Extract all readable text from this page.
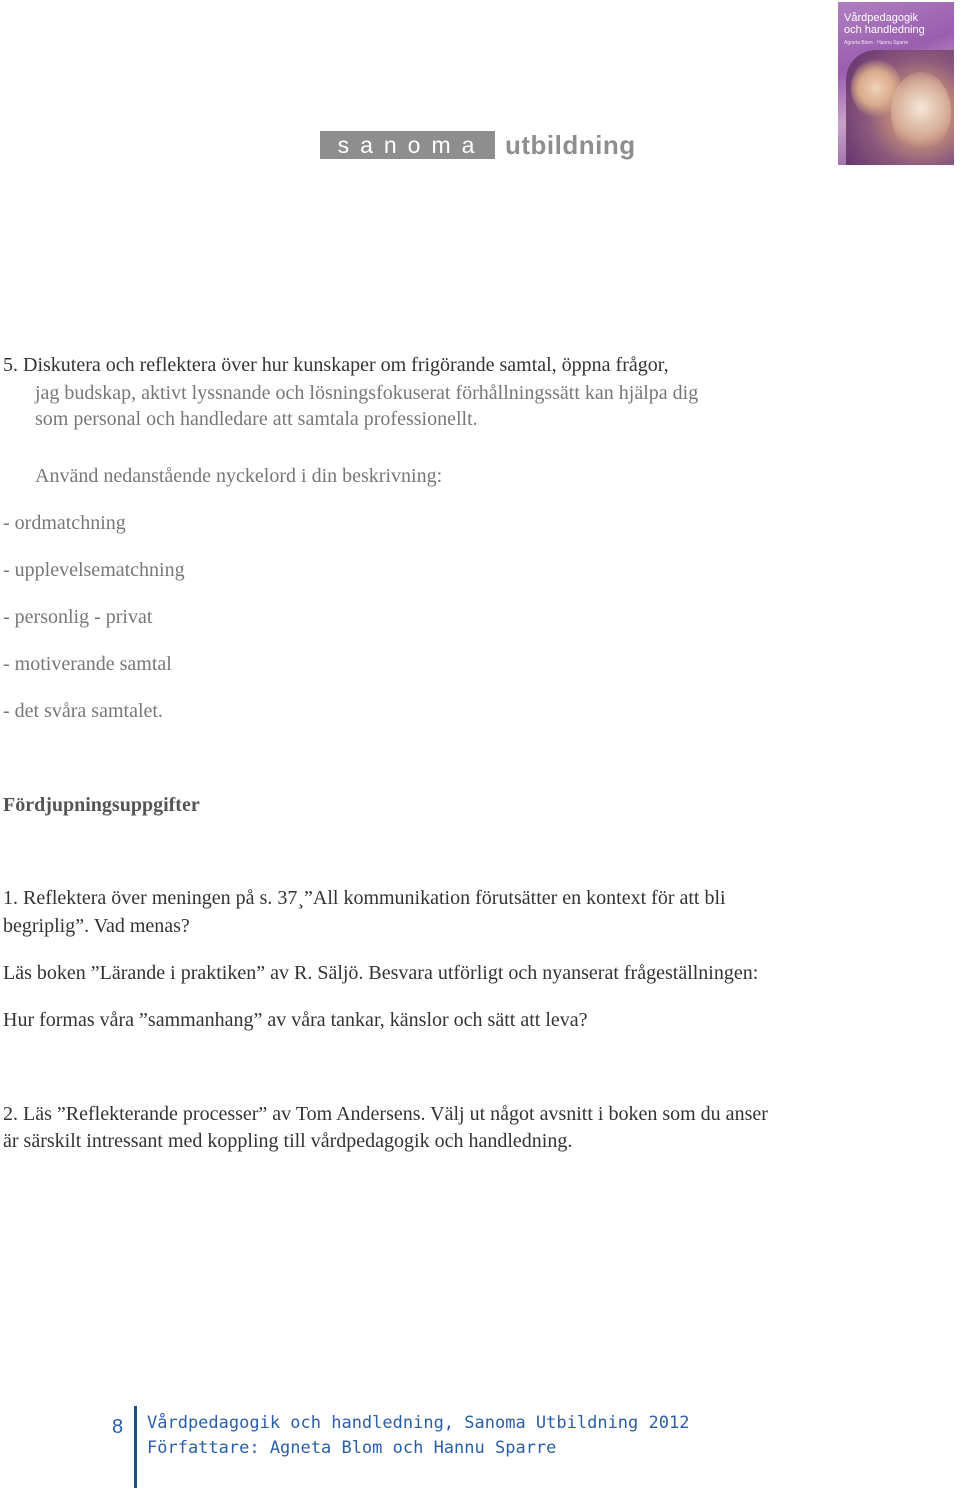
Vårdpedagogik
och handledning
Agneta Blom · Hannu Sparre
sanoma utbildning
5. Diskutera och reflektera över hur kunskaper om frigörande samtal, öppna frågor,
jag budskap, aktivt lyssnande och lösningsfokuserat förhållningssätt kan hjälpa dig
som personal och handledare att samtala professionellt.
Använd nedanstående nyckelord i din beskrivning:
- ordmatchning
- upplevelsematchning
- personlig - privat
- motiverande samtal
- det svåra samtalet.
Fördjupningsuppgifter
1. Reflektera över meningen på s. 37¸”All kommunikation förutsätter en kontext för att bli
begriplig”. Vad menas?
Läs boken ”Lärande i praktiken” av R. Säljö. Besvara utförligt och nyanserat frågeställningen:
Hur formas våra ”sammanhang” av våra tankar, känslor och sätt att leva?
2. Läs ”Reflekterande processer” av Tom Andersens. Välj ut något avsnitt i boken som du anser
är särskilt intressant med koppling till vårdpedagogik och handledning.
8 Vårdpedagogik och handledning, Sanoma Utbildning 2012
Författare: Agneta Blom och Hannu Sparre
